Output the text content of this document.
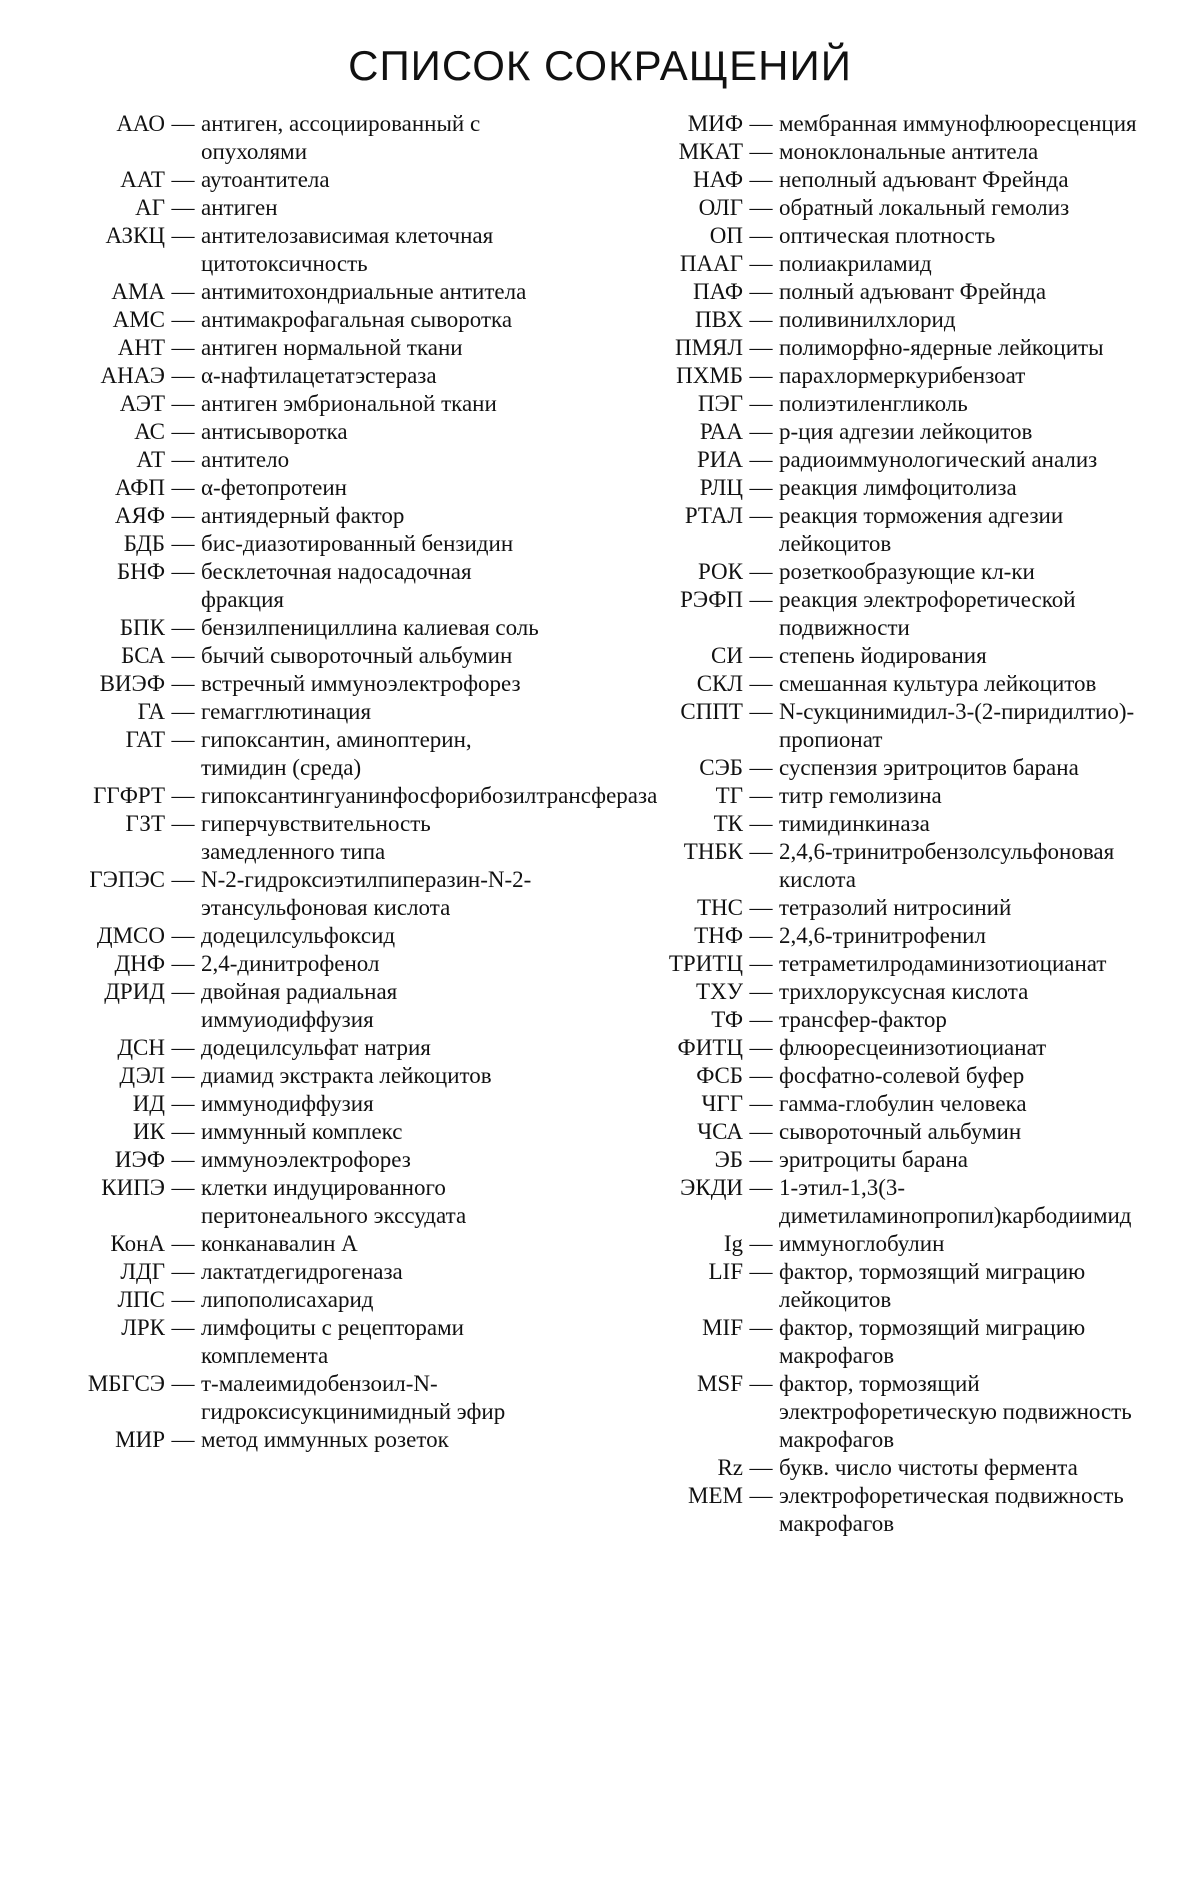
СПИСОК СОКРАЩЕНИЙ
ААО — антиген, ассоциированный с опухолями
AAT — аутоантитела
АГ — антиген
АЗКЦ — антителозависимая клеточная цитотоксичность
АМА — антимитохондриальные антитела
АМС — антимакрофагальная сыворотка
АНТ — антиген нормальной ткани
АНАЭ — α-нафтилацетатэстераза
АЭТ — антиген эмбриональной ткани
АС — антисыворотка
АТ — антитело
АФП — α-фетопротеин
АЯФ — антиядерный фактор
БДБ — бис-диазотированный бензидин
БНФ — бесклеточная надосадочная фракция
БПК — бензилпенициллина калиевая соль
БСА — бычий сывороточный альбумин
ВИЭФ — встречный иммуноэлектрофорез
ГА — гемагглютинация
ГАТ — гипоксантин, аминоптерин, тимидин (среда)
ГГФРТ — гипоксантингуанинфосфорибозилтрансфераза
ГЗТ — гиперчувствительность замедленного типа
ГЭПЭС — N-2-гидроксиэтилпиперазин-N-2-этансульфоновая кислота
ДМСО — додецилсульфоксид
ДНФ — 2,4-динитрофенол
ДРИД — двойная радиальная иммуиодиффузия
ДСН — додецилсульфат натрия
ДЭЛ — диамид экстракта лейкоцитов
ИД — иммунодиффузия
ИК — иммунный комплекс
ИЭФ — иммуноэлектрофорез
КИПЭ — клетки индуцированного перитонеального экссудата
КонА — конканавалин А
ЛДГ — лактатдегидрогеназа
ЛПС — липополисахарид
ЛРК — лимфоциты с рецепторами комплемента
МБГСЭ — т-малеимидобензоил-N-гидроксисукцинимидный эфир
МИР — метод иммунных розеток
МИФ — мембранная иммунофлюоресценция
МКАТ — моноклональные антитела
НАФ — неполный адъювант Фрейнда
ОЛГ — обратный локальный гемолиз
ОП — оптическая плотность
ПААГ — полиакриламид
ПАФ — полный адъювант Фрейнда
ПВХ — поливинилхлорид
ПМЯЛ — полиморфно-ядерные лейкоциты
ПХМБ — парахлормеркурибензоат
ПЭГ — полиэтиленгликоль
РАА — р-ция адгезии лейкоцитов
РИА — радиоиммунологический анализ
РЛЦ — реакция лимфоцитолиза
РТАЛ — реакция торможения адгезии лейкоцитов
РОК — розеткообразующие кл-ки
РЭФП — реакция электрофоретической подвижности
СИ — степень йодирования
СКЛ — смешанная культура лейкоцитов
СППТ — N-сукцинимидил-3-(2-пиридилтио)-пропионат
СЭБ — суспензия эритроцитов барана
ТГ — титр гемолизина
ТК — тимидинкиназа
ТНБК — 2,4,6-тринитробензолсульфоновая кислота
ТНС — тетразолий нитросиний
ТНФ — 2,4,6-тринитрофенил
ТРИТЦ — тетраметилродаминизотиоцианат
ТХУ — трихлоруксусная кислота
ТФ — трансфер-фактор
ФИТЦ — флюоресцеинизотиоцианат
ФСБ — фосфатно-солевой буфер
ЧГГ — гамма-глобулин человека
ЧСА — сывороточный альбумин
ЭБ — эритроциты барана
ЭКДИ — 1-этил-1,3(3-диметиламинопропил)карбодиимид
Ig — иммуноглобулин
LIF — фактор, тормозящий миграцию лейкоцитов
MIF — фактор, тормозящий миграцию макрофагов
MSF — фактор, тормозящий электрофоретическую подвижность макрофагов
Rz — букв. число чистоты фермента
MEM — электрофоретическая подвижность макрофагов
